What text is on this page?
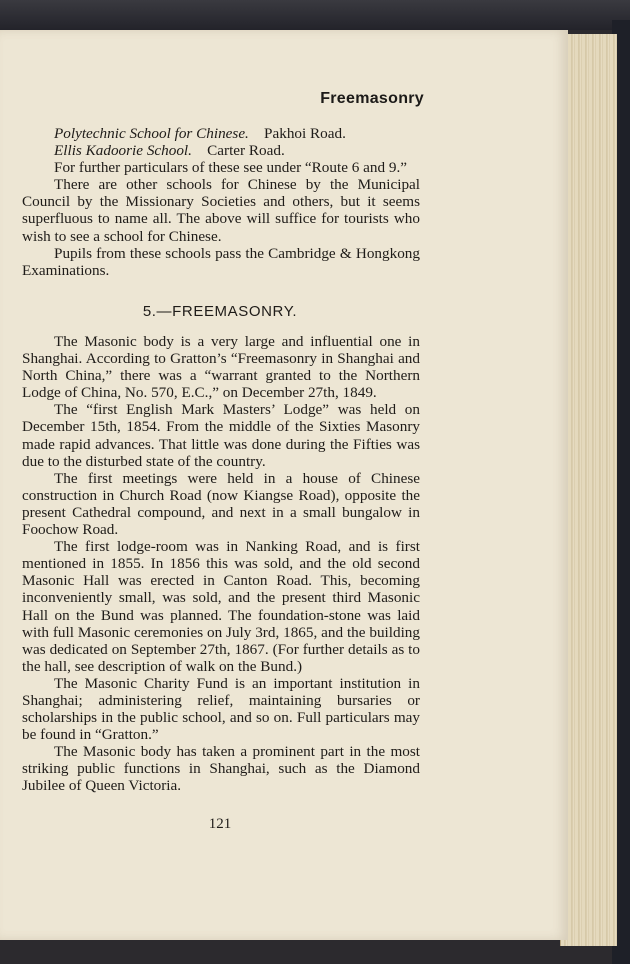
Freemasonry

Polytechnic School for Chinese. Pakhoi Road.

Ellis Kadoorie School. Carter Road.

For further particulars of these see under “Route 6 and 9.”

There are other schools for Chinese by the Municipal Council by the Missionary Societies and others, but it seems superfluous to name all. The above will suffice for tourists who wish to see a school for Chinese.

Pupils from these schools pass the Cambridge & Hongkong Examinations.

5.—FREEMASONRY.

The Masonic body is a very large and influential one in Shanghai. According to Gratton’s “Freemasonry in Shanghai and North China,” there was a “warrant granted to the Northern Lodge of China, No. 570, E.C.,” on December 27th, 1849.

The “first English Mark Masters’ Lodge” was held on December 15th, 1854. From the middle of the Sixties Masonry made rapid advances. That little was done during the Fifties was due to the disturbed state of the country.

The first meetings were held in a house of Chinese construction in Church Road (now Kiangse Road), opposite the present Cathedral compound, and next in a small bungalow in Foochow Road.

The first lodge-room was in Nanking Road, and is first mentioned in 1855. In 1856 this was sold, and the old second Masonic Hall was erected in Canton Road. This, becoming inconveniently small, was sold, and the present third Masonic Hall on the Bund was planned. The foundation-stone was laid with full Masonic ceremonies on July 3rd, 1865, and the building was dedicated on September 27th, 1867. (For further details as to the hall, see description of walk on the Bund.)

The Masonic Charity Fund is an important institution in Shanghai; administering relief, maintaining bursaries or scholarships in the public school, and so on. Full particulars may be found in “Gratton.”

The Masonic body has taken a prominent part in the most striking public functions in Shanghai, such as the Diamond Jubilee of Queen Victoria.

121
